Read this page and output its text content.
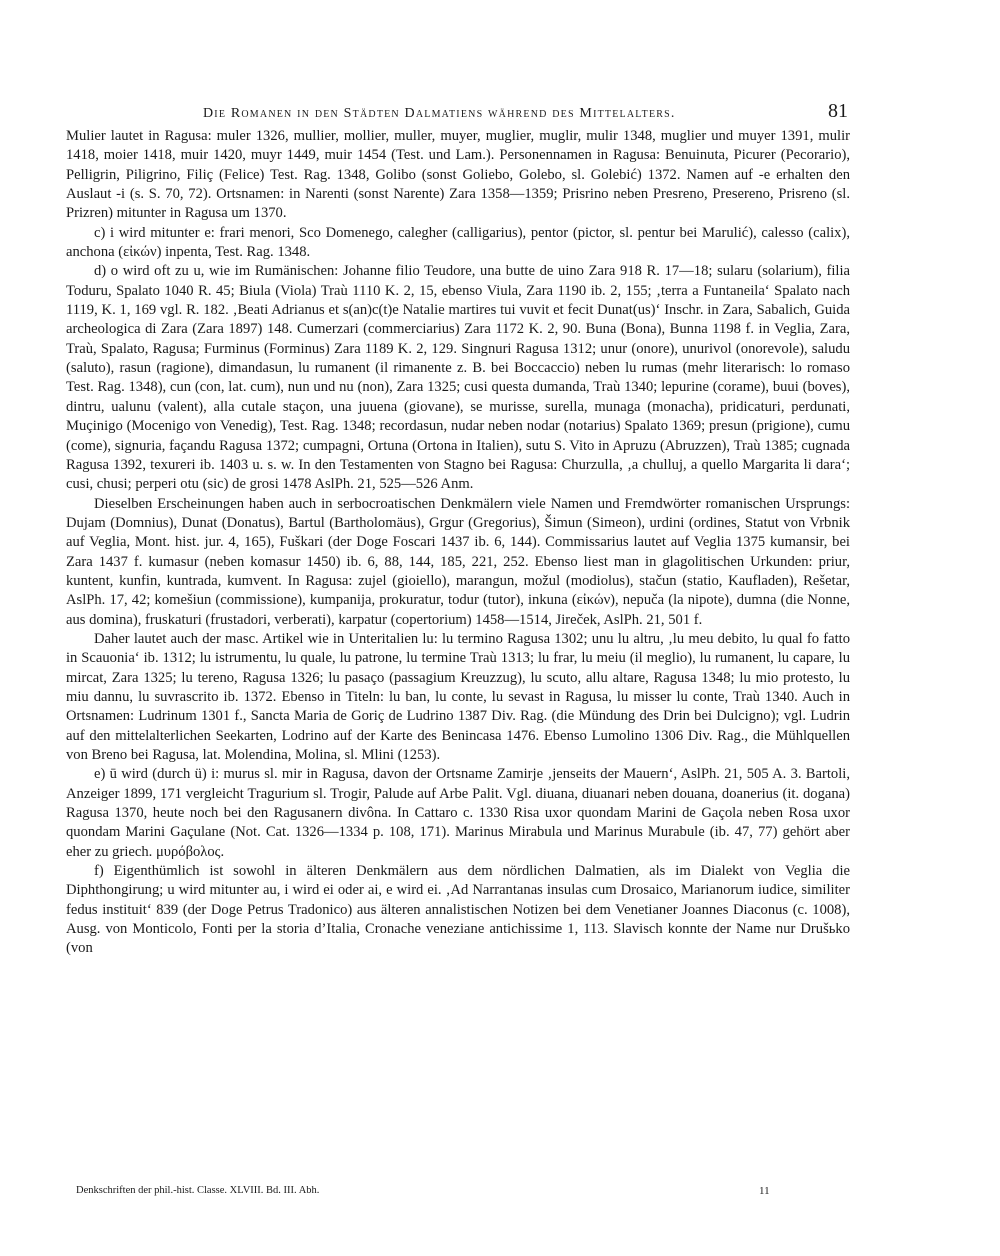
Die Romanen in den Städten Dalmatiens während des Mittelalters.	81

Mulier lautet in Ragusa: muler 1326, mullier, mollier, muller, muyer, muglier, muglir, mulir 1348, muglier und muyer 1391, mulir 1418, moier 1418, muir 1420, muyr 1449, muir 1454 (Test. und Lam.). Personennamen in Ragusa: Benuinuta, Picurer (Pecorario), Pelligrin, Piligrino, Filiç (Felice) Test. Rag. 1348, Golibo (sonst Goliebo, Golebo, sl. Golebić) 1372. Namen auf -e erhalten den Auslaut -i (s. S. 70, 72). Ortsnamen: in Narenti (sonst Narente) Zara 1358—1359; Prisrino neben Presreno, Presereno, Prisreno (sl. Prizren) mitunter in Ragusa um 1370.

c) i wird mitunter e: frari menori, Sco Domenego, calegher (calligarius), pentor (pictor, sl. pentur bei Marulić), calesso (calix), anchona (εἰκών) inpenta, Test. Rag. 1348.

d) o wird oft zu u, wie im Rumänischen: Johanne filio Teudore, una butte de uino Zara 918 R. 17—18; sularu (solarium), filia Toduru, Spalato 1040 R. 45; Biula (Viola) Traù 1110 K. 2, 15, ebenso Viula, Zara 1190 ib. 2, 155; ‚terra a Funtaneila‘ Spalato nach 1119, K. 1, 169 vgl. R. 182. ‚Beati Adrianus et s(an)c(t)e Natalie martires tui vuvit et fecit Dunat(us)‘ Inschr. in Zara, Sabalich, Guida archeologica di Zara (Zara 1897) 148. Cumerzari (commerciarius) Zara 1172 K. 2, 90. Buna (Bona), Bunna 1198 f. in Veglia, Zara, Traù, Spalato, Ragusa; Furminus (Forminus) Zara 1189 K. 2, 129. Singnuri Ragusa 1312; unur (onore), unurivol (onorevole), saludu (saluto), rasun (ragione), dimandasun, lu rumanent (il rimanente z. B. bei Boccaccio) neben lu rumas (mehr literarisch: lo romaso Test. Rag. 1348), cun (con, lat. cum), nun und nu (non), Zara 1325; cusi questa dumanda, Traù 1340; lepurine (corame), buui (boves), dintru, ualunu (valent), alla cutale staçon, una juuena (giovane), se murisse, surella, munaga (monacha), pridicaturi, perdunati, Muçinigo (Mocenigo von Venedig), Test. Rag. 1348; recordasun, nudar neben nodar (notarius) Spalato 1369; presun (prigione), cumu (come), signuria, façandu Ragusa 1372; cumpagni, Ortuna (Ortona in Italien), sutu S. Vito in Apruzu (Abruzzen), Traù 1385; cugnada Ragusa 1392, texureri ib. 1403 u. s. w. In den Testamenten von Stagno bei Ragusa: Churzulla, ‚a chulluj, a quello Margarita li dara‘; cusi, chusi; perperi otu (sic) de grosi 1478 AslPh. 21, 525—526 Anm.

Dieselben Erscheinungen haben auch in serbocroatischen Denkmälern viele Namen und Fremdwörter romanischen Ursprungs: Dujam (Domnius), Dunat (Donatus), Bartul (Bartholomäus), Grgur (Gregorius), Šimun (Simeon), urdini (ordines, Statut von Vrbnik auf Veglia, Mont. hist. jur. 4, 165), Fuškari (der Doge Foscari 1437 ib. 6, 144). Commissarius lautet auf Veglia 1375 kumansir, bei Zara 1437 f. kumasur (neben komasur 1450) ib. 6, 88, 144, 185, 221, 252. Ebenso liest man in glagolitischen Urkunden: priur, kuntent, kunfin, kuntrada, kumvent. In Ragusa: zujel (gioiello), marangun, možul (modiolus), stačun (statio, Kaufladen), Rešetar, AslPh. 17, 42; komešiun (commissione), kumpanija, prokuratur, todur (tutor), inkuna (εἰκών), nepuča (la nipote), dumna (die Nonne, aus domina), fruskaturi (frustadori, verberati), karpatur (copertorium) 1458—1514, Jireček, AslPh. 21, 501 f.

Daher lautet auch der masc. Artikel wie in Unteritalien lu: lu termino Ragusa 1302; unu lu altru, ‚lu meu debito, lu qual fo fatto in Scauonia‘ ib. 1312; lu istrumentu, lu quale, lu patrone, lu termine Traù 1313; lu frar, lu meiu (il meglio), lu rumanent, lu capare, lu mircat, Zara 1325; lu tereno, Ragusa 1326; lu pasaço (passagium Kreuzzug), lu scuto, allu altare, Ragusa 1348; lu mio protesto, lu miu dannu, lu suvrascrito ib. 1372. Ebenso in Titeln: lu ban, lu conte, lu sevast in Ragusa, lu misser lu conte, Traù 1340. Auch in Ortsnamen: Ludrinum 1301 f., Sancta Maria de Goriç de Ludrino 1387 Div. Rag. (die Mündung des Drin bei Dulcigno); vgl. Ludrin auf den mittelalterlichen Seekarten, Lodrino auf der Karte des Benincasa 1476. Ebenso Lumolino 1306 Div. Rag., die Mühlquellen von Breno bei Ragusa, lat. Molendina, Molina, sl. Mlini (1253).

e) ū wird (durch ü) i: murus sl. mir in Ragusa, davon der Ortsname Zamirje ‚jenseits der Mauern‘, AslPh. 21, 505 A. 3. Bartoli, Anzeiger 1899, 171 vergleicht Tragurium sl. Trogir, Palude auf Arbe Palit. Vgl. diuana, diuanari neben douana, doanerius (it. dogana) Ragusa 1370, heute noch bei den Ragusanern divôna. In Cattaro c. 1330 Risa uxor quondam Marini de Gaçola neben Rosa uxor quondam Marini Gaçulane (Not. Cat. 1326—1334 p. 108, 171). Marinus Mirabula und Marinus Murabule (ib. 47, 77) gehört aber eher zu griech. μυρόβολος.

f) Eigenthümlich ist sowohl in älteren Denkmälern aus dem nördlichen Dalmatien, als im Dialekt von Veglia die Diphthongirung; u wird mitunter au, i wird ei oder ai, e wird ei. ‚Ad Narrantanas insulas cum Drosaico, Marianorum iudice, similiter fedus instituit‘ 839 (der Doge Petrus Tradonico) aus älteren annalistischen Notizen bei dem Venetianer Joannes Diaconus (c. 1008), Ausg. von Monticolo, Fonti per la storia d’Italia, Cronache veneziane antichissime 1, 113. Slavisch konnte der Name nur Drušьko (von

Denkschriften der phil.-hist. Classe. XLVIII. Bd. III. Abh.	11
